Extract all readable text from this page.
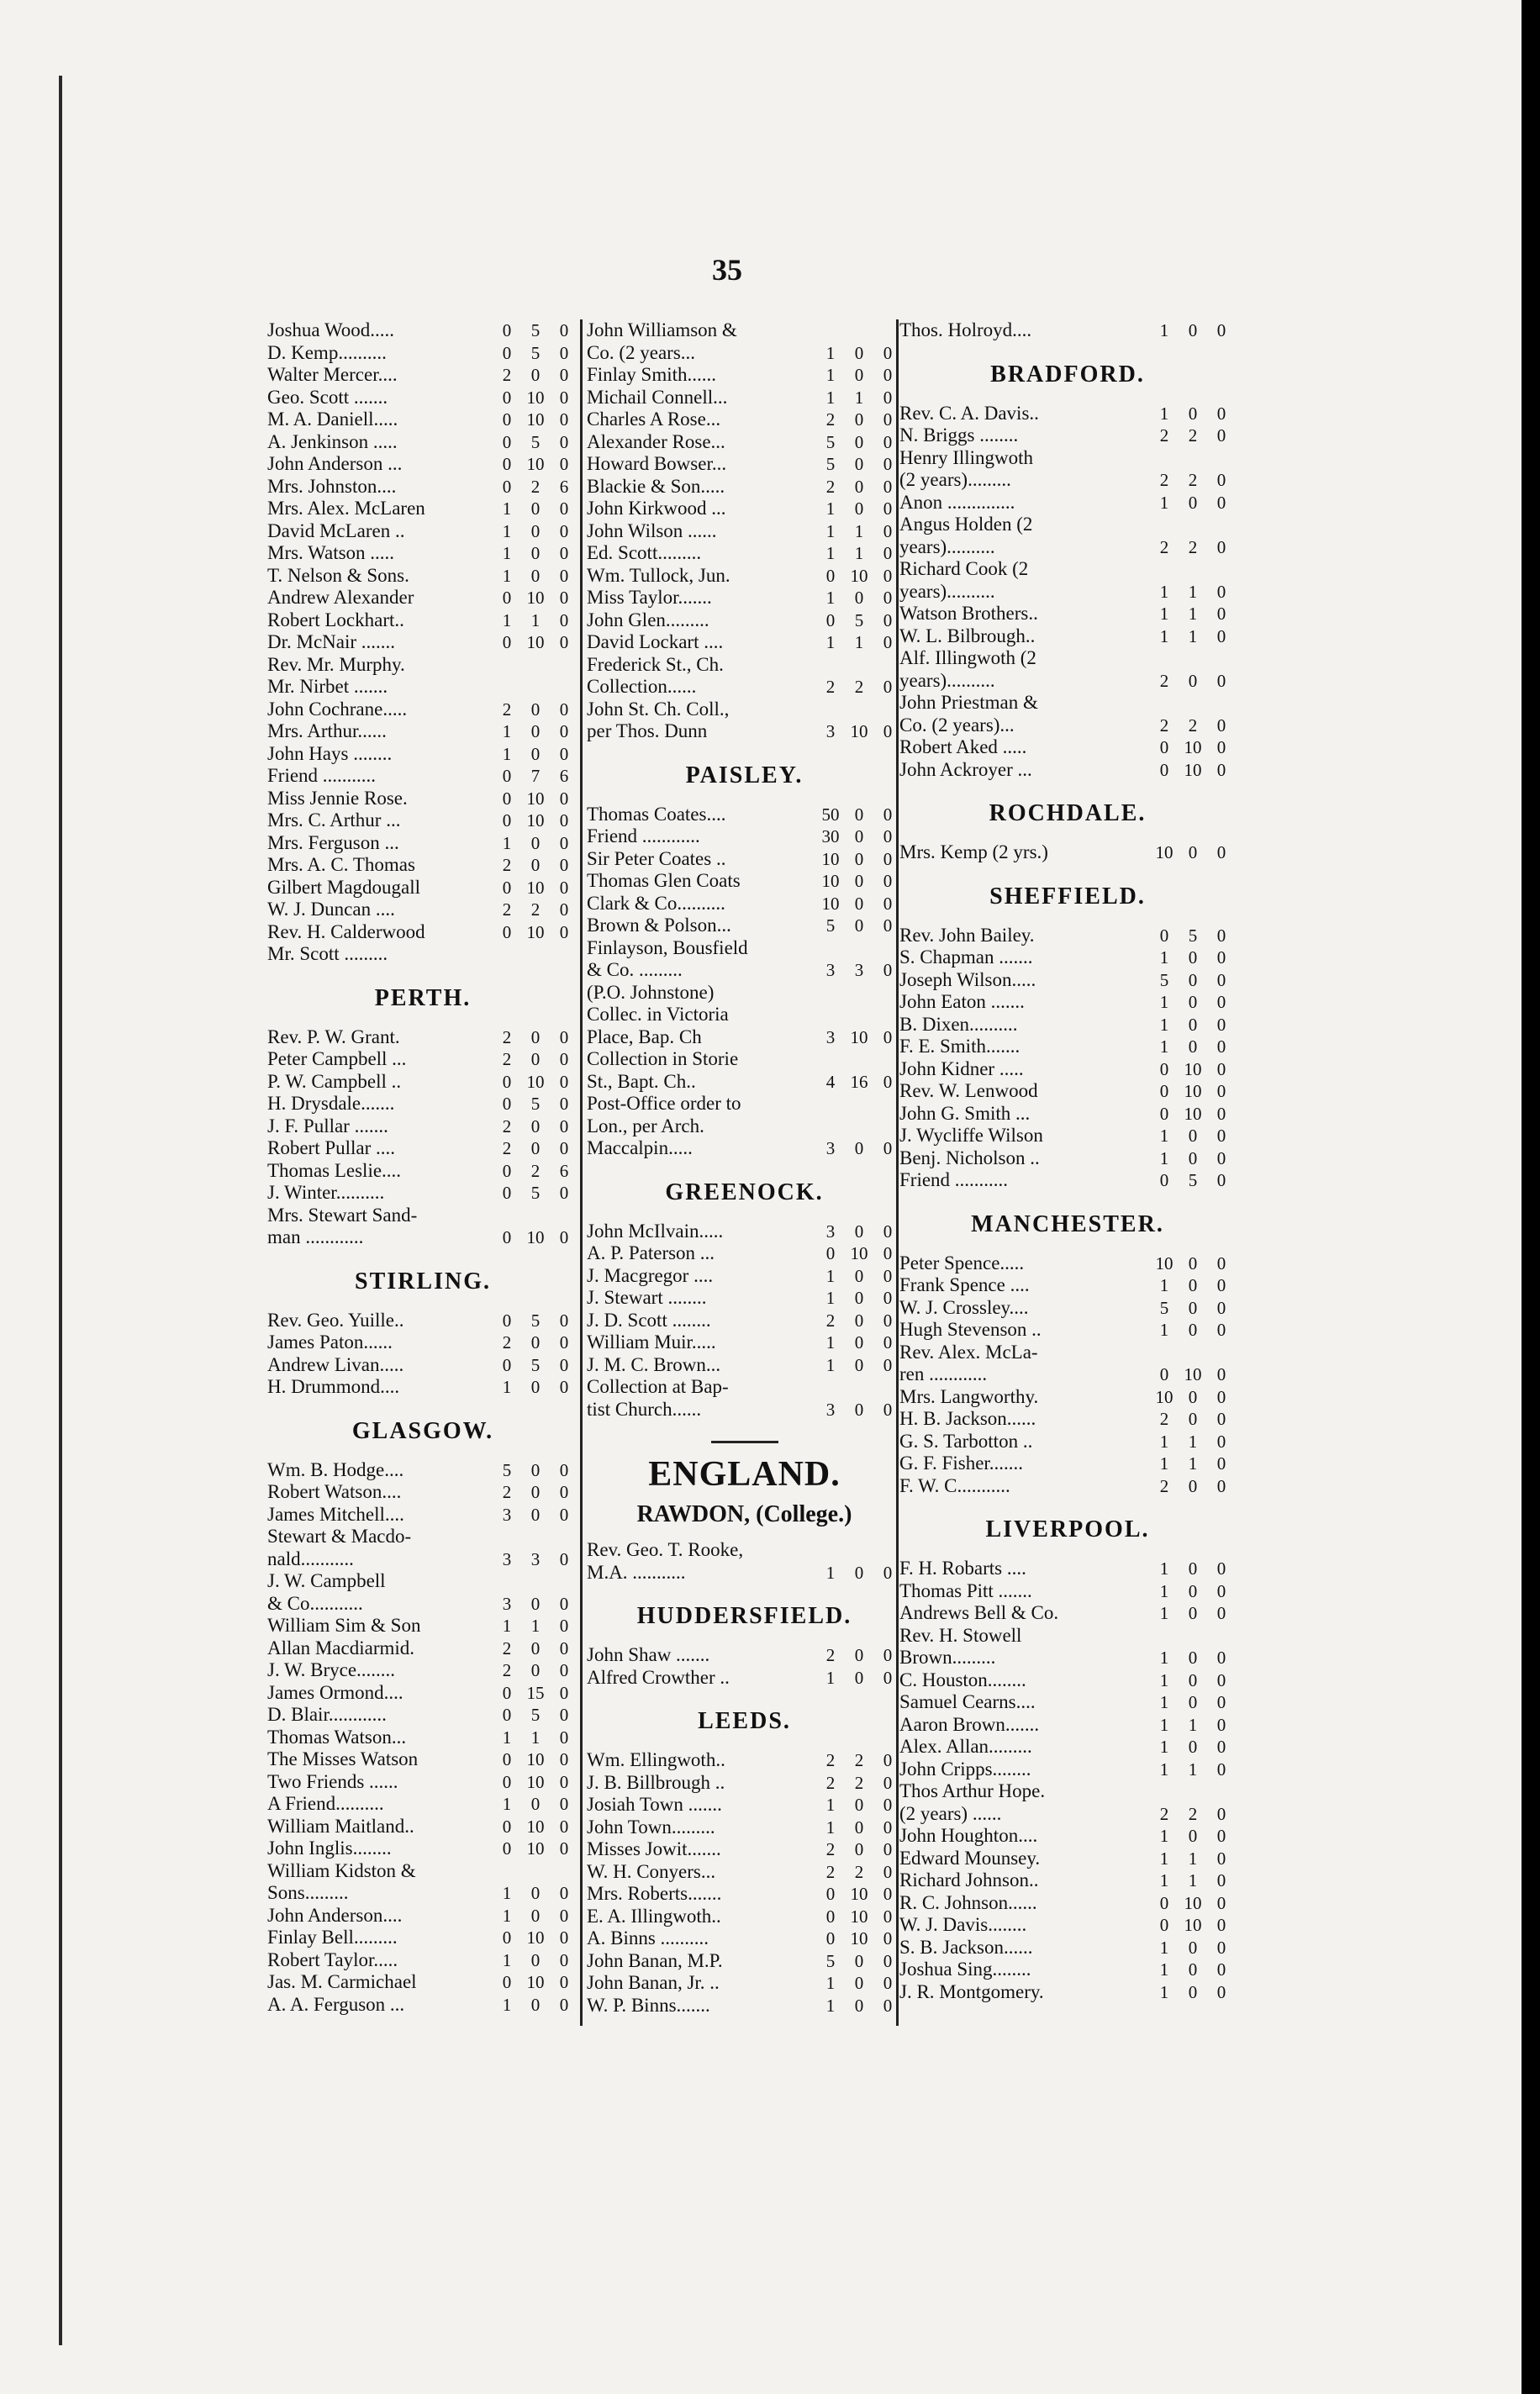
35
Joshua Wood.....	0	5	0
D. Kemp..........	0	5	0
Walter Mercer....	2	0	0
Geo. Scott .......	0 10 0
M. A. Daniell.....	0 10 0
A. Jenkinson .....	0	5	0
John Anderson ...	0 10 0
Mrs. Johnston....	0	2	6
Mrs. Alex. McLaren	1	0	0
David McLaren ..	1	0	0
Mrs. Watson .....	1	0	0
T. Nelson & Sons.	1	0	0
Andrew Alexander	0 10 0
Robert Lockhart..	1	1	0
Dr. McNair .......	0 10 0
Rev. Mr. Murphy.
Mr. Nirbet .......
John Cochrane.....	2	0	0
Mrs. Arthur......	1	0	0
John Hays ........	1	0	0
Friend ...........	0	7	6
Miss Jennie Rose.	0 10 0
Mrs. C. Arthur ...	0 10 0
Mrs. Ferguson ...	1	0	0
Mrs. A. C. Thomas	2	0	0
Gilbert Magdougall	0 10 0
W. J. Duncan ....	2	2	0
Rev. H. Calderwood	0 10 0
Mr. Scott .........
PERTH.
Rev. P. W. Grant.	2	0	0
Peter Campbell ...	2	0	0
P. W. Campbell ..	0 10 0
H. Drysdale.......	0	5	0
J. F. Pullar .......	2	0	0
Robert Pullar ....	2	0	0
Thomas Leslie....	0	2	6
J. Winter..........	0	5	0
Mrs. Stewart Sand-
man ............	0 10 0
STIRLING.
Rev. Geo. Yuille..	0	5	0
James Paton......	2	0	0
Andrew Livan.....	0	5	0
H. Drummond....	1	0	0
GLASGOW.
Wm. B. Hodge....	5	0	0
Robert Watson....	2	0	0
James Mitchell....	3	0	0
Stewart & Macdo-
nald...........	3	3	0
J. W. Campbell
& Co...........	3	0	0
William Sim & Son	1	1	0
Allan Macdiarmid.	2	0	0
J. W. Bryce........	2	0	0
James Ormond....	0 15 0
D. Blair............	0	5	0
Thomas Watson...	1	1	0
The Misses Watson	0 10 0
Two Friends ......	0 10 0
A Friend..........	1	0	0
William Maitland..	0 10 0
John Inglis........	0 10 0
William Kidston &
Sons.........	1	0	0
John Anderson....	1	0	0
Finlay Bell.........	0 10 0
Robert Taylor.....	1	0	0
Jas. M. Carmichael	0 10 0
A. A. Ferguson ...	1	0	0
John Williamson &
Co. (2 years...	1	0	0
Finlay Smith......	1	0	0
Michail Connell...	1	1	0
Charles A Rose...	2	0	0
Alexander Rose...	5	0	0
Howard Bowser...	5	0	0
Blackie & Son.....	2	0	0
John Kirkwood ...	1	0	0
John Wilson ......	1	1	0
Ed. Scott.........	1	1	0
Wm. Tullock, Jun.	0 10 0
Miss Taylor.......	1	0	0
John Glen.........	0	5	0
David Lockart ....	1	1	0
Frederick St., Ch.
Collection......	2	2	0
John St. Ch. Coll.,
per Thos. Dunn	3 10 0
PAISLEY.
Thomas Coates....	50 0	0
Friend ............	30 0	0
Sir Peter Coates ..	10 0	0
Thomas Glen Coats	10 0	0
Clark & Co..........	10 0	0
Brown & Polson...	5	0	0
Finlayson, Bousfield
& Co. .........	3	3	0
(P.O. Johnstone)
Collec. in Victoria
Place, Bap. Ch	3 10 0
Collection in Storie
St., Bapt. Ch..	4 16 0
Post-Office order to
Lon., per Arch.
Maccalpin.....	3	0	0
GREENOCK.
John McIlvain.....	3	0	0
A. P. Paterson ...	0 10 0
J. Macgregor ....	1	0	0
J. Stewart ........	1	0	0
J. D. Scott ........	2	0	0
William Muir.....	1	0	0
J. M. C. Brown...	1	0	0
Collection at Bap-
tist Church......	3	0	0
ENGLAND.
RAWDON, (College.)
Rev. Geo. T. Rooke,
M.A. ...........	1	0	0
HUDDERSFIELD.
John Shaw .......	2	0	0
Alfred Crowther ..	1	0	0
LEEDS.
Wm. Ellingwoth..	2	2	0
J. B. Billbrough ..	2	2	0
Josiah Town .......	1	0	0
John Town.........	1	0	0
Misses Jowit.......	2	0	0
W. H. Conyers...	2	2	0
Mrs. Roberts.......	0 10 0
E. A. Illingwoth..	0 10 0
A. Binns ..........	0 10 0
John Banan, M.P.	5	0	0
John Banan, Jr. ..	1	0	0
W. P. Binns.......	1	0	0
Thos. Holroyd....	1	0	0
BRADFORD.
Rev. C. A. Davis..	1	0	0
N. Briggs ........	2	2	0
Henry Illingwoth
(2 years).........	2	2	0
Anon ..............	1	0	0
Angus Holden (2
years)..........	2	2	0
Richard Cook (2
years)..........	1	1	0
Watson Brothers..	1	1	0
W. L. Bilbrough..	1	1	0
Alf. Illingwoth (2
years)..........	2	0	0
John Priestman &
Co. (2 years)...	2	2	0
Robert Aked .....	0 10 0
John Ackroyer ...	0 10 0
ROCHDALE.
Mrs. Kemp (2 yrs.)	10 0	0
SHEFFIELD.
Rev. John Bailey.	0	5	0
S. Chapman .......	1	0	0
Joseph Wilson.....	5	0	0
John Eaton .......	1	0	0
B. Dixen..........	1	0	0
F. E. Smith.......	1	0	0
John Kidner .....	0 10 0
Rev. W. Lenwood	0 10 0
John G. Smith ...	0 10 0
J. Wycliffe Wilson	1	0	0
Benj. Nicholson ..	1	0	0
Friend ...........	0	5	0
MANCHESTER.
Peter Spence.....	10 0	0
Frank Spence ....	1	0	0
W. J. Crossley....	5	0	0
Hugh Stevenson ..	1	0	0
Rev. Alex. McLa-
ren ............	0 10 0
Mrs. Langworthy.	10 0	0
H. B. Jackson......	2	0	0
G. S. Tarbotton ..	1	1	0
G. F. Fisher.......	1	1	0
F. W. C...........	2	0	0
LIVERPOOL.
F. H. Robarts ....	1	0	0
Thomas Pitt .......	1	0	0
Andrews Bell & Co.	1	0	0
Rev. H. Stowell
Brown.........	1	0	0
C. Houston........	1	0	0
Samuel Cearns....	1	0	0
Aaron Brown.......	1	1	0
Alex. Allan.........	1	0	0
John Cripps........	1	1	0
Thos Arthur Hope.
(2 years) ......	2	2	0
John Houghton....	1	0	0
Edward Mounsey.	1	1	0
Richard Johnson..	1	1	0
R. C. Johnson......	0 10 0
W. J. Davis........	0 10 0
S. B. Jackson......	1	0	0
Joshua Sing........	1	0	0
J. R. Montgomery.	1	0	0
